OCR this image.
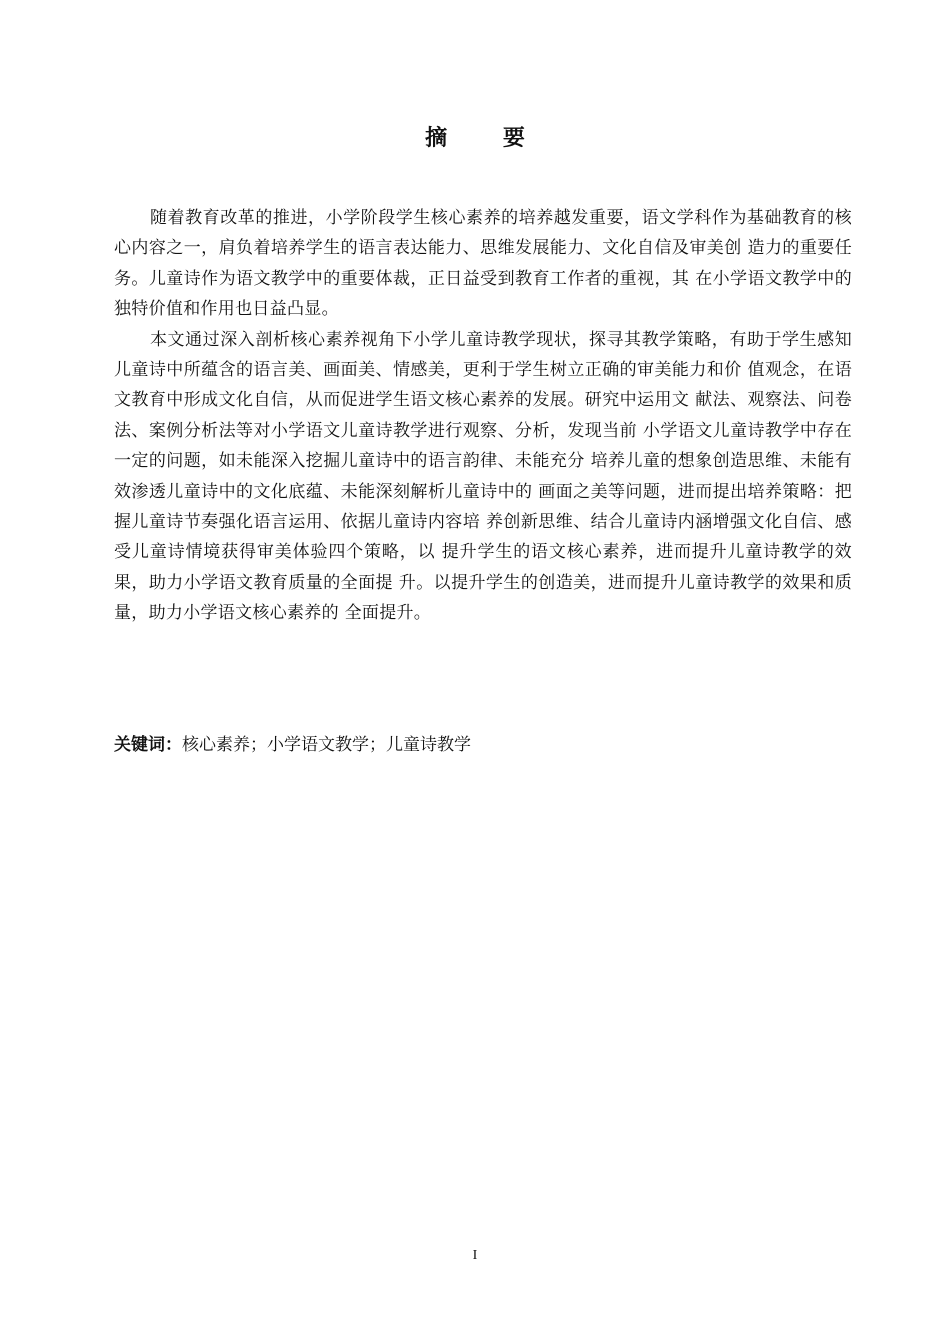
摘 要

随着教育改革的推进，小学阶段学生核心素养的培养越发重要，语文学科作为基础教育的核心内容之一，肩负着培养学生的语言表达能力、思维发展能力、文化自信及审美创 造力的重要任务。儿童诗作为语文教学中的重要体裁，正日益受到教育工作者的重视，其 在小学语文教学中的独特价值和作用也日益凸显。

本文通过深入剖析核心素养视角下小学儿童诗教学现状，探寻其教学策略，有助于学生感知儿童诗中所蕴含的语言美、画面美、情感美，更利于学生树立正确的审美能力和价 值观念，在语文教育中形成文化自信，从而促进学生语文核心素养的发展。研究中运用文 献法、观察法、问卷法、案例分析法等对小学语文儿童诗教学进行观察、分析，发现当前 小学语文儿童诗教学中存在一定的问题，如未能深入挖掘儿童诗中的语言韵律、未能充分 培养儿童的想象创造思维、未能有效渗透儿童诗中的文化底蕴、未能深刻解析儿童诗中的 画面之美等问题，进而提出培养策略：把握儿童诗节奏强化语言运用、依据儿童诗内容培 养创新思维、结合儿童诗内涵增强文化自信、感受儿童诗情境获得审美体验四个策略，以 提升学生的语文核心素养，进而提升儿童诗教学的效果，助力小学语文教育质量的全面提 升。以提升学生的创造美，进而提升儿童诗教学的效果和质量，助力小学语文核心素养的 全面提升。

关键词：核心素养；小学语文教学；儿童诗教学
I
